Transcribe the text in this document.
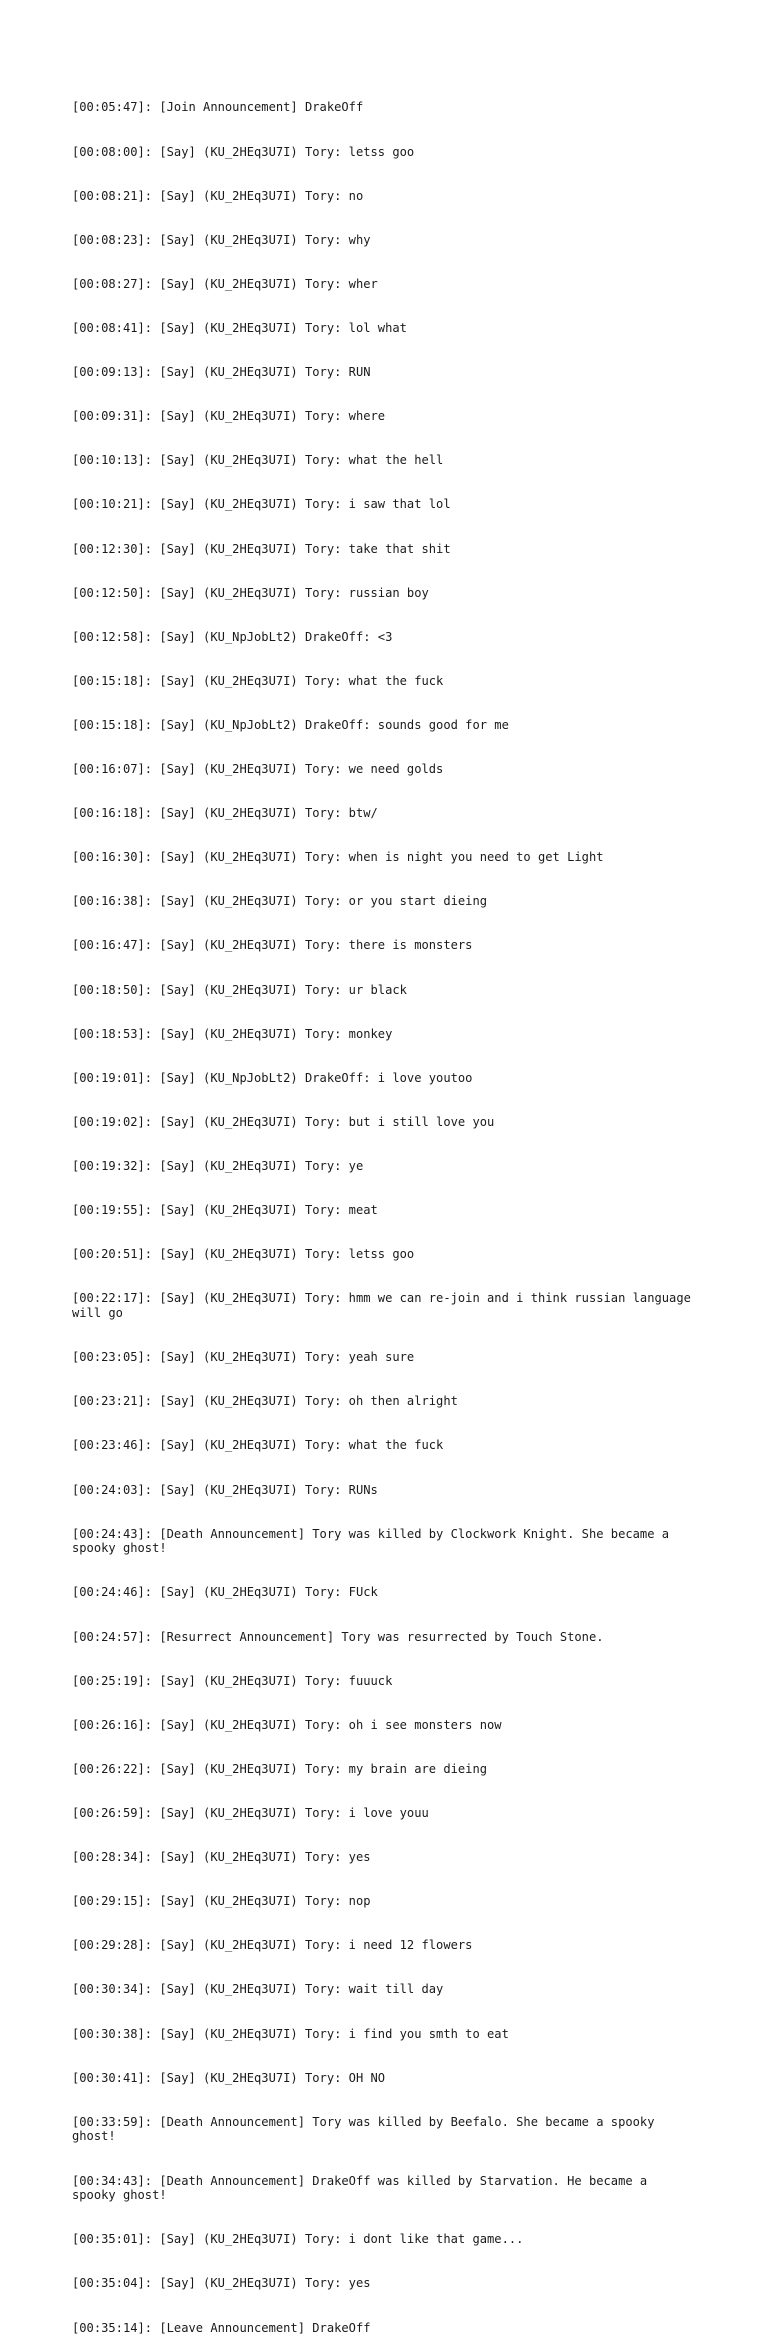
[00:05:47]: [Join Announcement] DrakeOff

[00:08:00]: [Say] (KU_2HEq3U7I) Tory: letss goo

[00:08:21]: [Say] (KU_2HEq3U7I) Tory: no

[00:08:23]: [Say] (KU_2HEq3U7I) Tory: why

[00:08:27]: [Say] (KU_2HEq3U7I) Tory: wher

[00:08:41]: [Say] (KU_2HEq3U7I) Tory: lol what

[00:09:13]: [Say] (KU_2HEq3U7I) Tory: RUN

[00:09:31]: [Say] (KU_2HEq3U7I) Tory: where

[00:10:13]: [Say] (KU_2HEq3U7I) Tory: what the hell

[00:10:21]: [Say] (KU_2HEq3U7I) Tory: i saw that lol

[00:12:30]: [Say] (KU_2HEq3U7I) Tory: take that shit

[00:12:50]: [Say] (KU_2HEq3U7I) Tory: russian boy

[00:12:58]: [Say] (KU_NpJobLt2) DrakeOff: <3

[00:15:18]: [Say] (KU_2HEq3U7I) Tory: what the fuck

[00:15:18]: [Say] (KU_NpJobLt2) DrakeOff: sounds good for me

[00:16:07]: [Say] (KU_2HEq3U7I) Tory: we need golds

[00:16:18]: [Say] (KU_2HEq3U7I) Tory: btw/

[00:16:30]: [Say] (KU_2HEq3U7I) Tory: when is night you need to get Light

[00:16:38]: [Say] (KU_2HEq3U7I) Tory: or you start dieing

[00:16:47]: [Say] (KU_2HEq3U7I) Tory: there is monsters

[00:18:50]: [Say] (KU_2HEq3U7I) Tory: ur black

[00:18:53]: [Say] (KU_2HEq3U7I) Tory: monkey

[00:19:01]: [Say] (KU_NpJobLt2) DrakeOff: i love youtoo

[00:19:02]: [Say] (KU_2HEq3U7I) Tory: but i still love you

[00:19:32]: [Say] (KU_2HEq3U7I) Tory: ye

[00:19:55]: [Say] (KU_2HEq3U7I) Tory: meat

[00:20:51]: [Say] (KU_2HEq3U7I) Tory: letss goo

[00:22:17]: [Say] (KU_2HEq3U7I) Tory: hmm we can re-join and i think russian language will go

[00:23:05]: [Say] (KU_2HEq3U7I) Tory: yeah sure

[00:23:21]: [Say] (KU_2HEq3U7I) Tory: oh then alright

[00:23:46]: [Say] (KU_2HEq3U7I) Tory: what the fuck

[00:24:03]: [Say] (KU_2HEq3U7I) Tory: RUNs

[00:24:43]: [Death Announcement] Tory was killed by Clockwork Knight. She became a spooky ghost!

[00:24:46]: [Say] (KU_2HEq3U7I) Tory: FUck

[00:24:57]: [Resurrect Announcement] Tory was resurrected by Touch Stone.

[00:25:19]: [Say] (KU_2HEq3U7I) Tory: fuuuck

[00:26:16]: [Say] (KU_2HEq3U7I) Tory: oh i see monsters now

[00:26:22]: [Say] (KU_2HEq3U7I) Tory: my brain are dieing

[00:26:59]: [Say] (KU_2HEq3U7I) Tory: i love youu

[00:28:34]: [Say] (KU_2HEq3U7I) Tory: yes

[00:29:15]: [Say] (KU_2HEq3U7I) Tory: nop

[00:29:28]: [Say] (KU_2HEq3U7I) Tory: i need 12 flowers

[00:30:34]: [Say] (KU_2HEq3U7I) Tory: wait till day

[00:30:38]: [Say] (KU_2HEq3U7I) Tory: i find you smth to eat

[00:30:41]: [Say] (KU_2HEq3U7I) Tory: OH NO

[00:33:59]: [Death Announcement] Tory was killed by Beefalo. She became a spooky ghost!

[00:34:43]: [Death Announcement] DrakeOff was killed by Starvation. He became a spooky ghost!

[00:35:01]: [Say] (KU_2HEq3U7I) Tory: i dont like that game...

[00:35:04]: [Say] (KU_2HEq3U7I) Tory: yes

[00:35:14]: [Leave Announcement] DrakeOff
